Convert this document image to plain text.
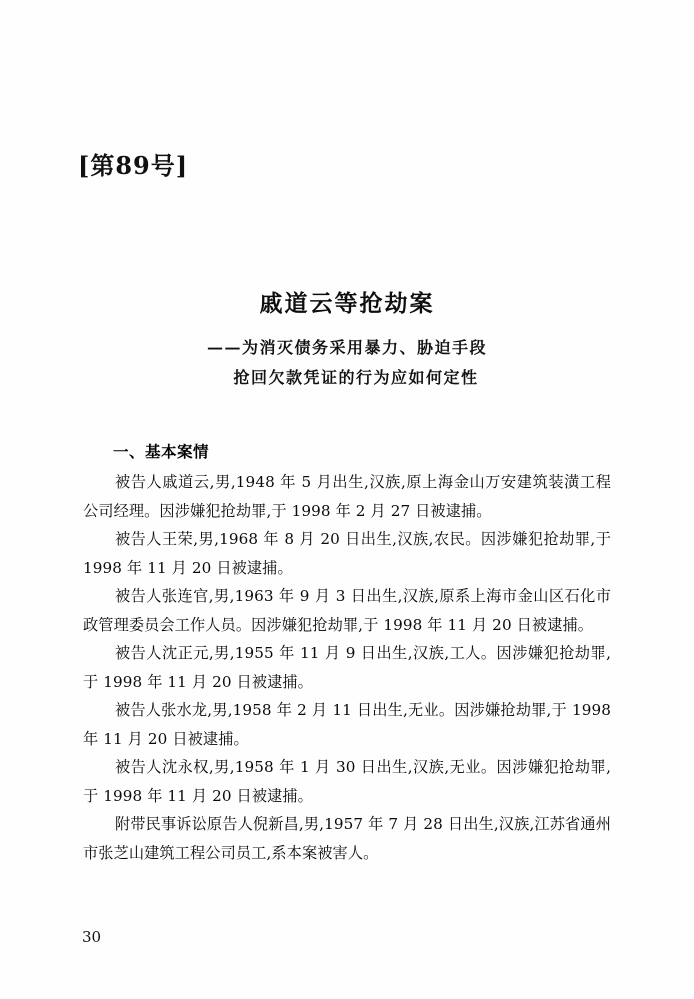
[第89号]
戚道云等抢劫案
——为消灭债务采用暴力、胁迫手段
抢回欠款凭证的行为应如何定性
一、基本案情

被告人戚道云,男,1948 年 5 月出生,汉族,原上海金山万安建筑装潢工程公司经理。因涉嫌犯抢劫罪,于 1998 年 2 月 27 日被逮捕。

被告人王荣,男,1968 年 8 月 20 日出生,汉族,农民。因涉嫌犯抢劫罪,于 1998 年 11 月 20 日被逮捕。

被告人张连官,男,1963 年 9 月 3 日出生,汉族,原系上海市金山区石化市政管理委员会工作人员。因涉嫌犯抢劫罪,于 1998 年 11 月 20 日被逮捕。

被告人沈正元,男,1955 年 11 月 9 日出生,汉族,工人。因涉嫌犯抢劫罪,于 1998 年 11 月 20 日被逮捕。

被告人张水龙,男,1958 年 2 月 11 日出生,无业。因涉嫌抢劫罪,于 1998 年 11 月 20 日被逮捕。

被告人沈永权,男,1958 年 1 月 30 日出生,汉族,无业。因涉嫌犯抢劫罪,于 1998 年 11 月 20 日被逮捕。

附带民事诉讼原告人倪新昌,男,1957 年 7 月 28 日出生,汉族,江苏省通州市张芝山建筑工程公司员工,系本案被害人。

30
